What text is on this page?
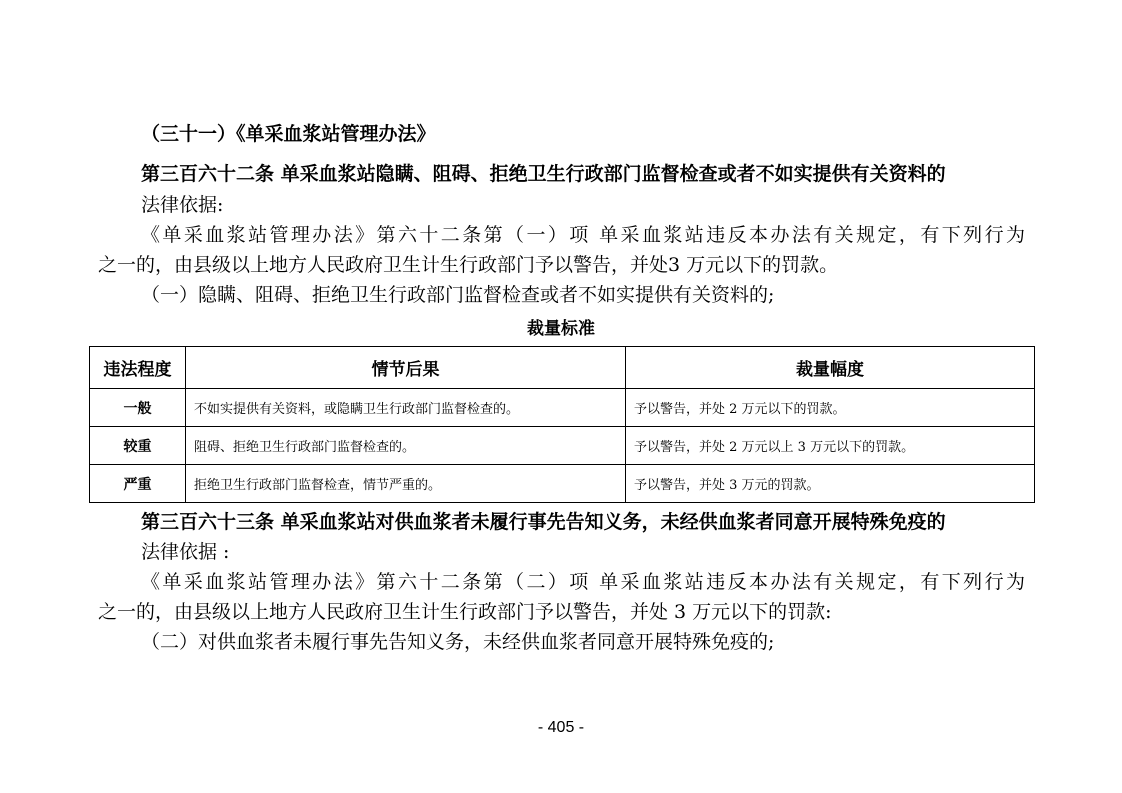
（三十一）《单采血浆站管理办法》
第三百六十二条 单采血浆站隐瞒、阻碍、拒绝卫生行政部门监督检查或者不如实提供有关资料的
法律依据:
《单采血浆站管理办法》第六十二条第（一）项 单采血浆站违反本办法有关规定，有下列行为
之一的，由县级以上地方人民政府卫生计生行政部门予以警告，并处3 万元以下的罚款。
（一）隐瞒、阻碍、拒绝卫生行政部门监督检查或者不如实提供有关资料的;
裁量标准
违法程度	情节后果	裁量幅度
一般	不如实提供有关资料，或隐瞒卫生行政部门监督检查的。	予以警告，并处 2 万元以下的罚款。
较重	阻碍、拒绝卫生行政部门监督检查的。	予以警告，并处 2 万元以上 3 万元以下的罚款。
严重	拒绝卫生行政部门监督检查，情节严重的。	予以警告，并处 3 万元的罚款。
第三百六十三条 单采血浆站对供血浆者未履行事先告知义务，未经供血浆者同意开展特殊免疫的
法律依据 :
《单采血浆站管理办法》第六十二条第（二）项 单采血浆站违反本办法有关规定，有下列行为
之一的，由县级以上地方人民政府卫生计生行政部门予以警告，并处 3 万元以下的罚款:
（二）对供血浆者未履行事先告知义务，未经供血浆者同意开展特殊免疫的;
- 405 -
